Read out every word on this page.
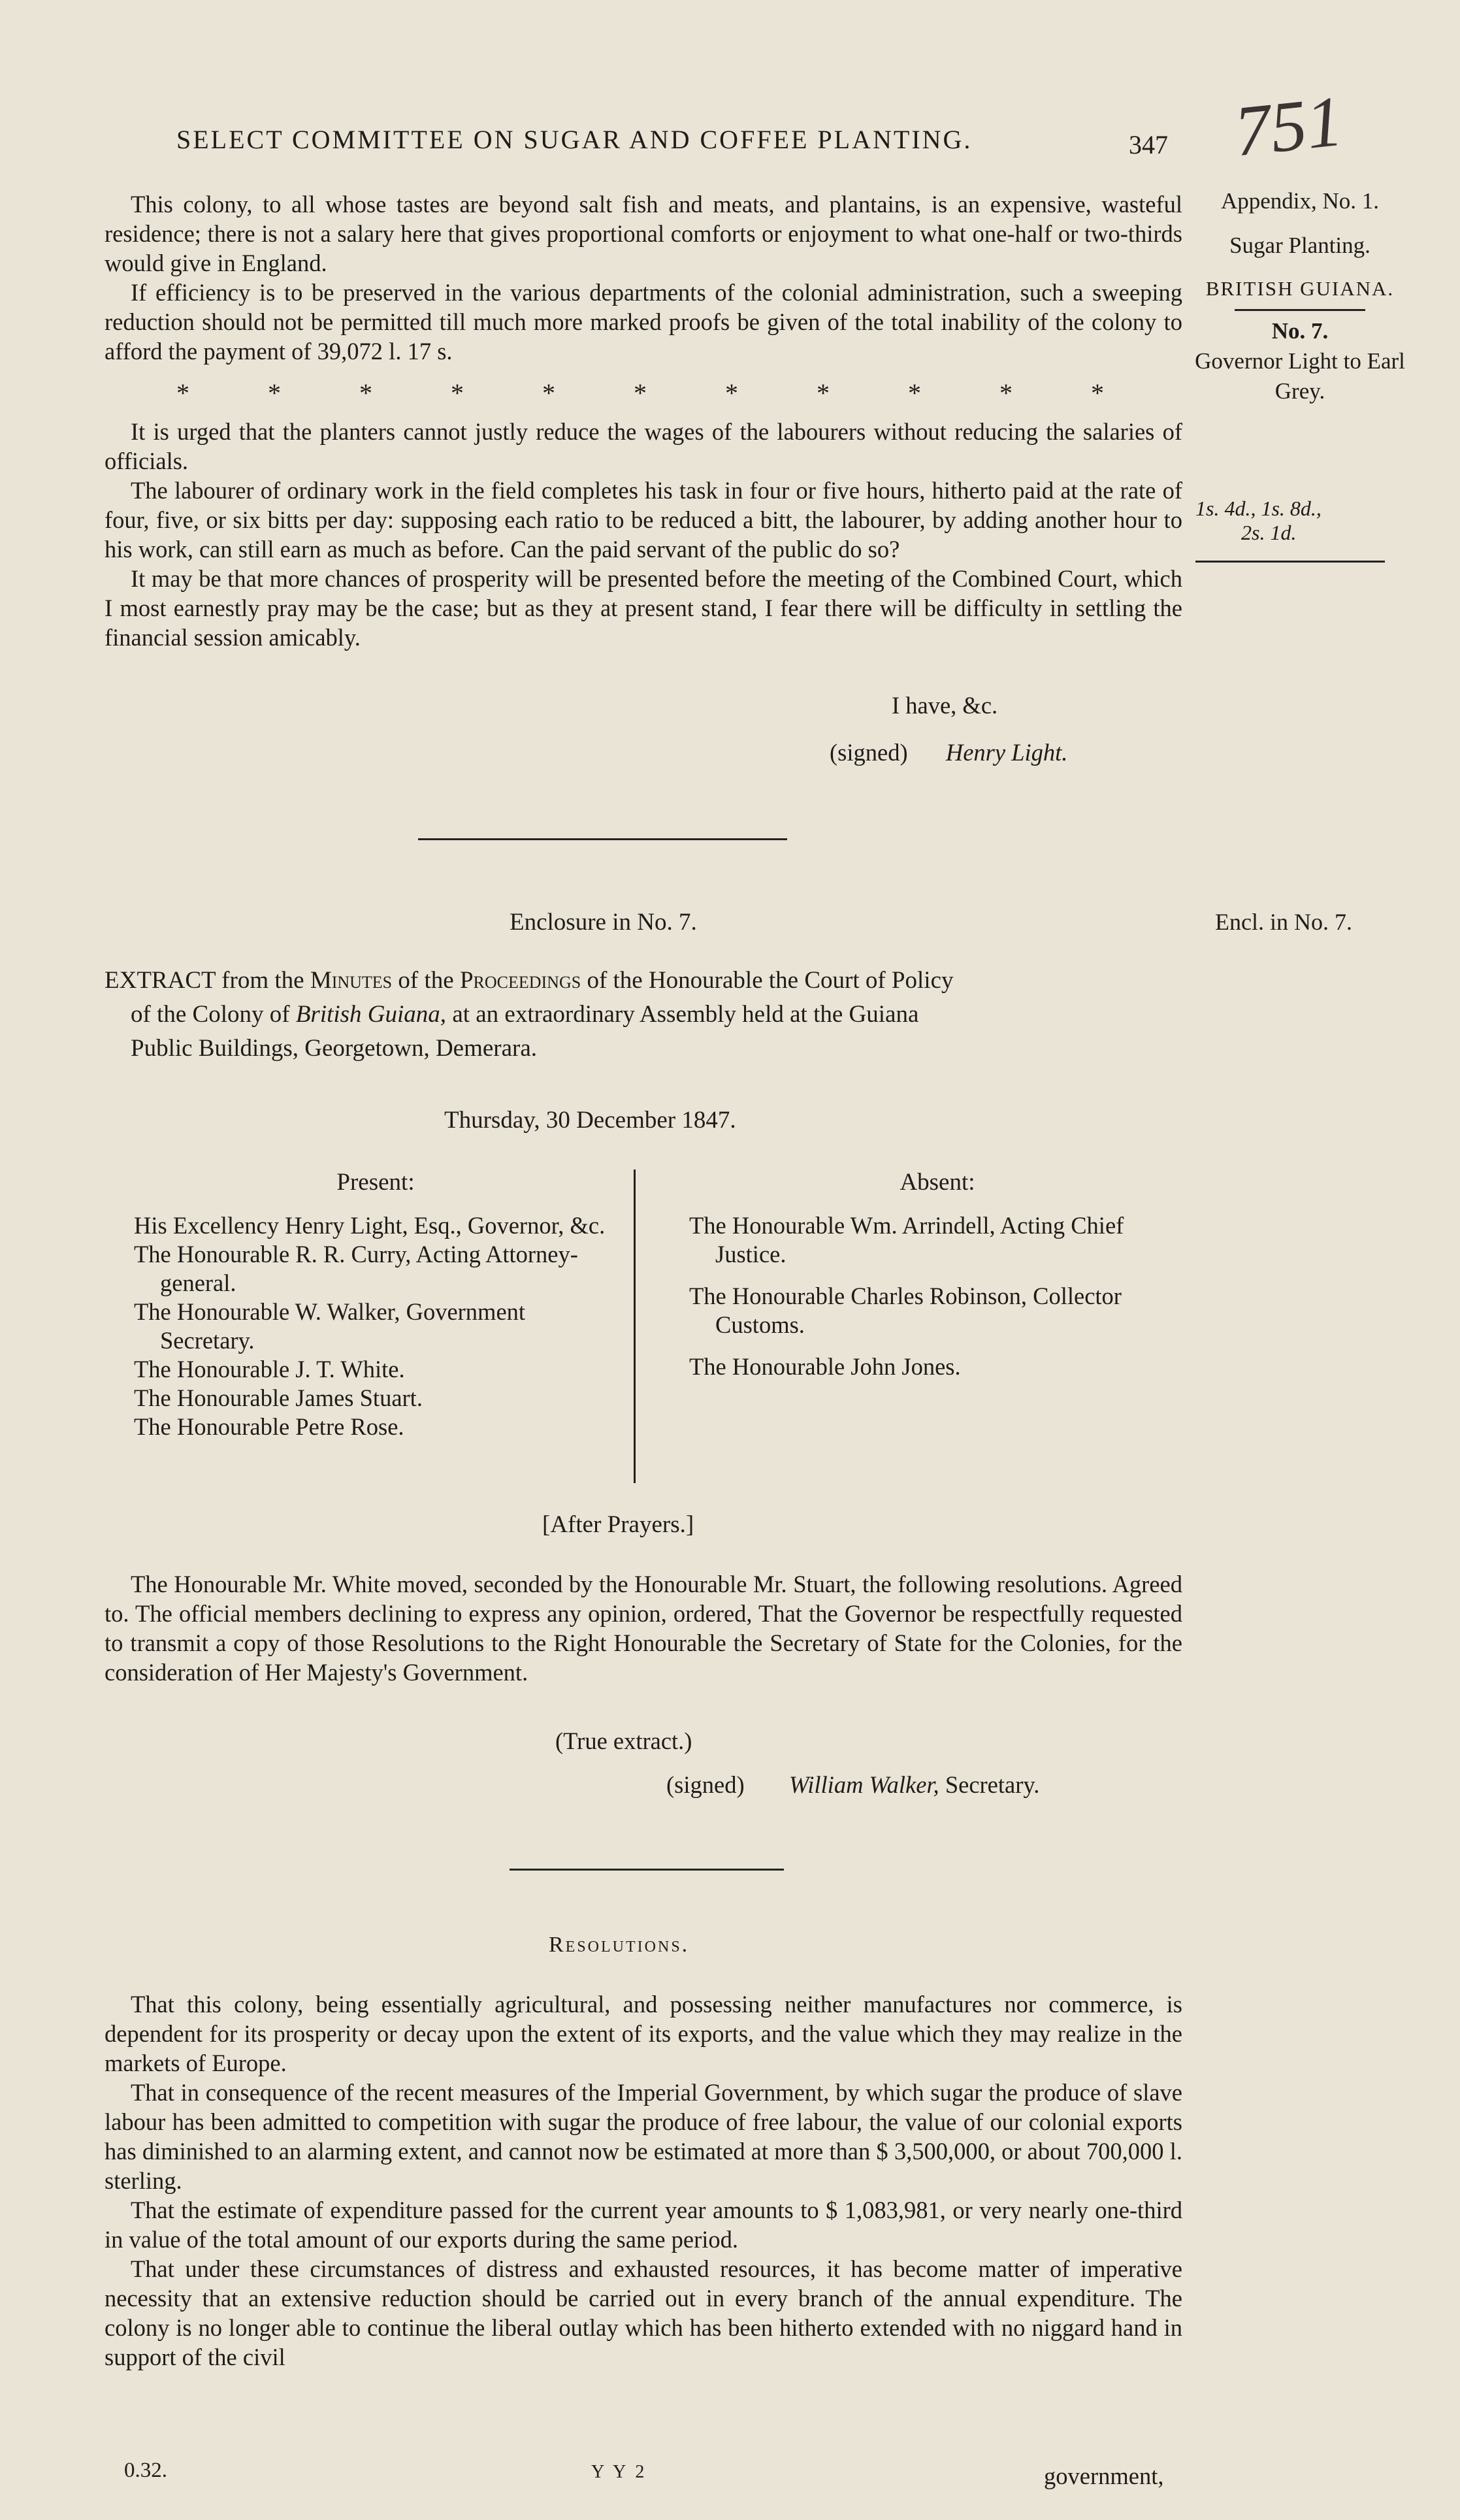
SELECT COMMITTEE ON SUGAR AND COFFEE PLANTING.	347 751
Appendix, No. 1.
Sugar Planting.
BRITISH GUIANA.
No. 7.
Governor Light to Earl Grey.
1s. 4d., 1s. 8d.,
2s. 1d.

This colony, to all whose tastes are beyond salt fish and meats, and plantains, is an expensive, wasteful residence; there is not a salary here that gives proportional comforts or enjoyment to what one-half or two-thirds would give in England.

If efficiency is to be preserved in the various departments of the colonial administration, such a sweeping reduction should not be permitted till much more marked proofs be given of the total inability of the colony to afford the payment of 39,072 l. 17 s.

*	*	*	*	*	*	*	*	*	*	*

It is urged that the planters cannot justly reduce the wages of the labourers without reducing the salaries of officials.

The labourer of ordinary work in the field completes his task in four or five hours, hitherto paid at the rate of four, five, or six bitts per day: supposing each ratio to be reduced a bitt, the labourer, by adding another hour to his work, can still earn as much as before. Can the paid servant of the public do so?

It may be that more chances of prosperity will be presented before the meeting of the Combined Court, which I most earnestly pray may be the case; but as they at present stand, I fear there will be difficulty in settling the financial session amicably.

I have, &c.
(signed) Henry Light.
Enclosure in No. 7.	Encl. in No. 7.

EXTRACT from the Minutes of the Proceedings of the Honourable the Court of Policy

of the Colony of British Guiana, at an extraordinary Assembly held at the Guiana

Public Buildings, Georgetown, Demerara.

Thursday, 30 December 1847.
Present:

His Excellency Henry Light, Esq., Governor, &c.

The Honourable R. R. Curry, Acting Attorney-general.

The Honourable W. Walker, Government Secretary.

The Honourable J. T. White.

The Honourable James Stuart.

The Honourable Petre Rose.

Absent:

The Honourable Wm. Arrindell, Acting Chief Justice.

The Honourable Charles Robinson, Collector Customs.

The Honourable John Jones.

[After Prayers.]

The Honourable Mr. White moved, seconded by the Honourable Mr. Stuart, the following resolutions. Agreed to. The official members declining to express any opinion, ordered, That the Governor be respectfully requested to transmit a copy of those Resolutions to the Right Honourable the Secretary of State for the Colonies, for the consideration of Her Majesty's Government.

(True extract.)
(signed) William Walker, Secretary.
Resolutions.

That this colony, being essentially agricultural, and possessing neither manufactures nor commerce, is dependent for its prosperity or decay upon the extent of its exports, and the value which they may realize in the markets of Europe.

That in consequence of the recent measures of the Imperial Government, by which sugar the produce of slave labour has been admitted to competition with sugar the produce of free labour, the value of our colonial exports has diminished to an alarming extent, and cannot now be estimated at more than $ 3,500,000, or about 700,000 l. sterling.

That the estimate of expenditure passed for the current year amounts to $ 1,083,981, or very nearly one-third in value of the total amount of our exports during the same period.

That under these circumstances of distress and exhausted resources, it has become matter of imperative necessity that an extensive reduction should be carried out in every branch of the annual expenditure. The colony is no longer able to continue the liberal outlay which has been hitherto extended with no niggard hand in support of the civil

0.32.	Y Y 2	government,
